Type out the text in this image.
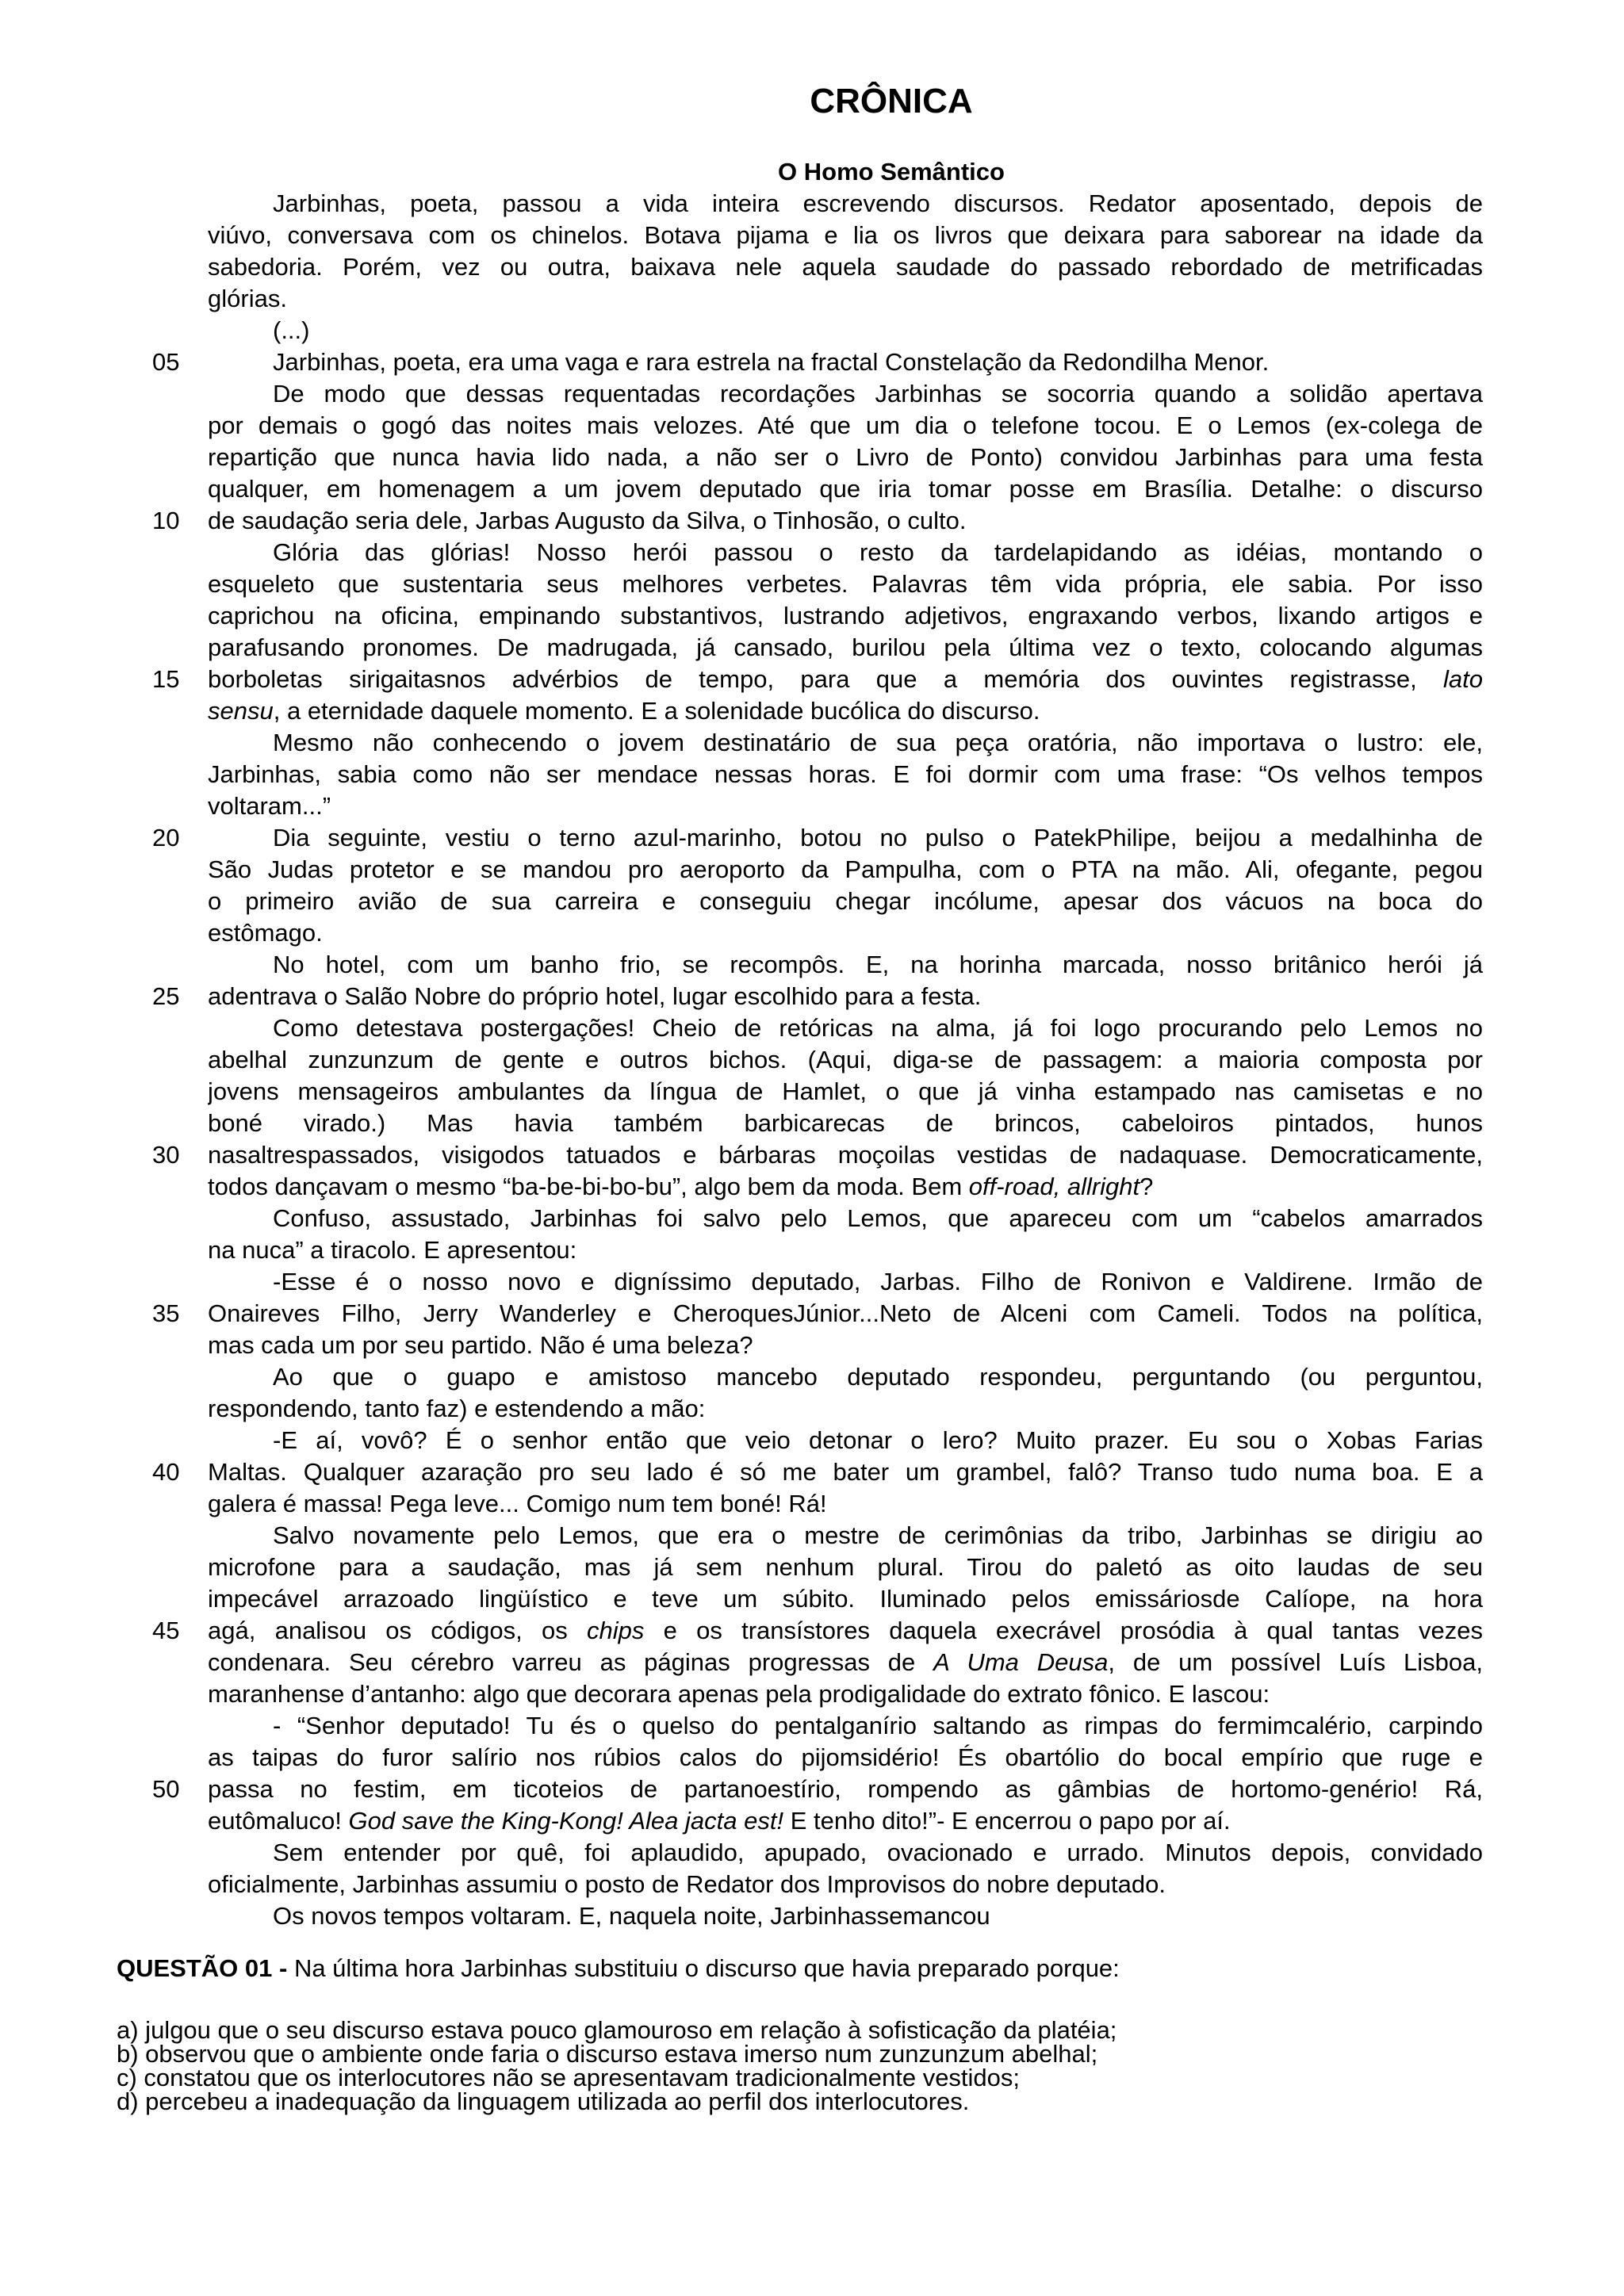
CRÔNICA
O Homo Semântico
Jarbinhas, poeta, passou a vida inteira escrevendo discursos. Redator aposentado, depois de
viúvo, conversava com os chinelos. Botava pijama e lia os livros que deixara para saborear na idade da
sabedoria. Porém, vez ou outra, baixava nele aquela saudade do passado rebordado de metrificadas
glórias.
(...)
05	Jarbinhas, poeta, era uma vaga e rara estrela na fractal Constelação da Redondilha Menor.
De modo que dessas requentadas recordações Jarbinhas se socorria quando a solidão apertava
por demais o gogó das noites mais velozes. Até que um dia o telefone tocou. E o Lemos (ex-colega de
repartição que nunca havia lido nada, a não ser o Livro de Ponto) convidou Jarbinhas para uma festa
qualquer, em homenagem a um jovem deputado que iria tomar posse em Brasília. Detalhe: o discurso
10	de saudação seria dele, Jarbas Augusto da Silva, o Tinhosão, o culto.
Glória das glórias! Nosso herói passou o resto da tardelapidando as idéias, montando o
esqueleto que sustentaria seus melhores verbetes. Palavras têm vida própria, ele sabia. Por isso
caprichou na oficina, empinando substantivos, lustrando adjetivos, engraxando verbos, lixando artigos e
parafusando pronomes. De madrugada, já cansado, burilou pela última vez o texto, colocando algumas
15	borboletas sirigaitasnos advérbios de tempo, para que a memória dos ouvintes registrasse, lato
sensu, a eternidade daquele momento. E a solenidade bucólica do discurso.
Mesmo não conhecendo o jovem destinatário de sua peça oratória, não importava o lustro: ele,
Jarbinhas, sabia como não ser mendace nessas horas. E foi dormir com uma frase: “Os velhos tempos
voltaram...”
20	Dia seguinte, vestiu o terno azul-marinho, botou no pulso o PatekPhilipe, beijou a medalhinha de
São Judas protetor e se mandou pro aeroporto da Pampulha, com o PTA na mão. Ali, ofegante, pegou
o primeiro avião de sua carreira e conseguiu chegar incólume, apesar dos vácuos na boca do
estômago.
No hotel, com um banho frio, se recompôs. E, na horinha marcada, nosso britânico herói já
25	adentrava o Salão Nobre do próprio hotel, lugar escolhido para a festa.
Como detestava postergações! Cheio de retóricas na alma, já foi logo procurando pelo Lemos no
abelhal zunzunzum de gente e outros bichos. (Aqui, diga-se de passagem: a maioria composta por
jovens mensageiros ambulantes da língua de Hamlet, o que já vinha estampado nas camisetas e no
boné virado.) Mas havia também barbicarecas de brincos, cabeloiros pintados, hunos
30	nasaltrespassados, visigodos tatuados e bárbaras moçoilas vestidas de nadaquase. Democraticamente,
todos dançavam o mesmo “ba-be-bi-bo-bu”, algo bem da moda. Bem off-road, allright?
Confuso, assustado, Jarbinhas foi salvo pelo Lemos, que apareceu com um “cabelos amarrados
na nuca” a tiracolo. E apresentou:
-Esse é o nosso novo e digníssimo deputado, Jarbas. Filho de Ronivon e Valdirene. Irmão de
35	Onaireves Filho, Jerry Wanderley e CheroquesJúnior...Neto de Alceni com Cameli. Todos na política,
mas cada um por seu partido. Não é uma beleza?
Ao que o guapo e amistoso mancebo deputado respondeu, perguntando (ou perguntou,
respondendo, tanto faz) e estendendo a mão:
-E aí, vovô? É o senhor então que veio detonar o lero? Muito prazer. Eu sou o Xobas Farias
40	Maltas. Qualquer azaração pro seu lado é só me bater um grambel, falô? Transo tudo numa boa. E a
galera é massa! Pega leve... Comigo num tem boné! Rá!
Salvo novamente pelo Lemos, que era o mestre de cerimônias da tribo, Jarbinhas se dirigiu ao
microfone para a saudação, mas já sem nenhum plural. Tirou do paletó as oito laudas de seu
impecável arrazoado lingüístico e teve um súbito. Iluminado pelos emissáriosde Calíope, na hora
45	agá, analisou os códigos, os chips e os transístores daquela execrável prosódia à qual tantas vezes
condenara. Seu cérebro varreu as páginas progressas de A Uma Deusa, de um possível Luís Lisboa,
maranhense d’antanho: algo que decorara apenas pela prodigalidade do extrato fônico. E lascou:
- “Senhor deputado! Tu és o quelso do pentalganírio saltando as rimpas do fermimcalério, carpindo
as taipas do furor salírio nos rúbios calos do pijomsidério! És obartólio do bocal empírio que ruge e
50	passa no festim, em ticoteios de partanoestírio, rompendo as gâmbias de hortomo-genério! Rá,
eutômaluco! God save the King-Kong! Alea jacta est! E tenho dito!”- E encerrou o papo por aí.
Sem entender por quê, foi aplaudido, apupado, ovacionado e urrado. Minutos depois, convidado
oficialmente, Jarbinhas assumiu o posto de Redator dos Improvisos do nobre deputado.
Os novos tempos voltaram. E, naquela noite, Jarbinhassemancou
QUESTÃO 01 - Na última hora Jarbinhas substituiu o discurso que havia preparado porque:
a) julgou que o seu discurso estava pouco glamouroso em relação à sofisticação da platéia;
b) observou que o ambiente onde faria o discurso estava imerso num zunzunzum abelhal;
c) constatou que os interlocutores não se apresentavam tradicionalmente vestidos;
d) percebeu a inadequação da linguagem utilizada ao perfil dos interlocutores.
